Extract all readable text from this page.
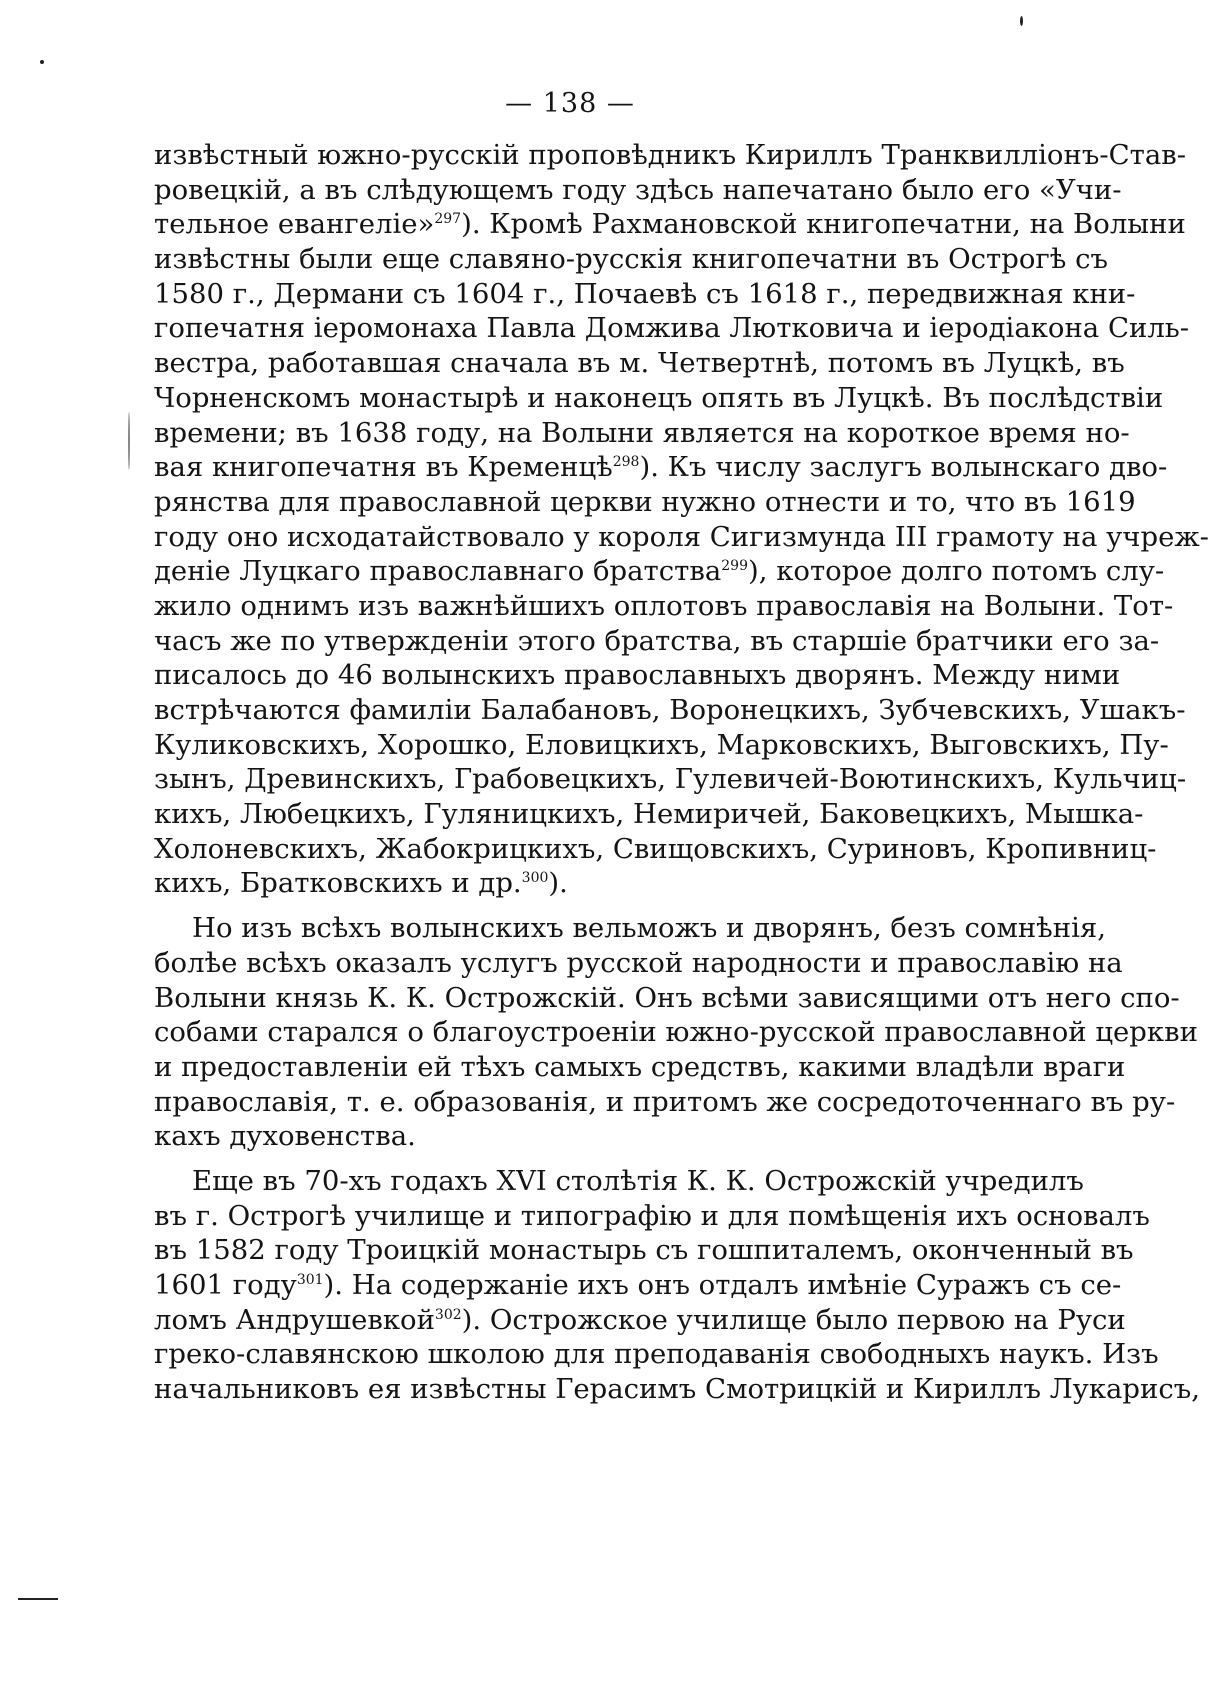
— 138 —
извѣстный южно-русскій проповѣдникъ Кириллъ Транквилліонъ-Став-
ровецкій, а въ слѣдующемъ году здѣсь напечатано было его «Учи-
тельное евангеліе»$^{297}$). Кромѣ Рахмановской книгопечатни, на Волыни
извѣстны были еще славяно-русскія книгопечатни въ Острогѣ съ
1580 г., Дермани съ 1604 г., Почаевѣ съ 1618 г., передвижная кни-
гопечатня іеромонаха Павла Домжива Лютковича и іеродіакона Силь-
вестра, работавшая сначала въ м. Четвертнѣ, потомъ въ Луцкѣ, въ
Чорненскомъ монастырѣ и наконецъ опять въ Луцкѣ. Въ послѣдствіи
времени; въ 1638 году, на Волыни является на короткое время но-
вая книгопечатня въ Кременцѣ$^{298}$). Къ числу заслугъ волынскаго дво-
рянства для православной церкви нужно отнести и то, что въ 1619
году оно исходатайствовало у короля Сигизмунда III грамоту на учреж-
деніе Луцкаго православнаго братства$^{299}$), которое долго потомъ слу-
жило однимъ изъ важнѣйшихъ оплотовъ православія на Волыни. Тот-
часъ же по утвержденіи этого братства, въ старшіе братчики его за-
писалось до 46 волынскихъ православныхъ дворянъ. Между ними
встрѣчаются фамиліи Балабановъ, Воронецкихъ, Зубчевскихъ, Ушакъ-
Куликовскихъ, Хорошко, Еловицкихъ, Марковскихъ, Выговскихъ, Пу-
зынъ, Древинскихъ, Грабовецкихъ, Гулевичей-Воютинскихъ, Кульчиц-
кихъ, Любецкихъ, Гуляницкихъ, Немиричей, Баковецкихъ, Мышка-
Холоневскихъ, Жабокрицкихъ, Свищовскихъ, Суриновъ, Кропивниц-
кихъ, Братковскихъ и др.$^{300}$).
Но изъ всѣхъ волынскихъ вельможъ и дворянъ, безъ сомнѣнія,
болѣе всѣхъ оказалъ услугъ русской народности и православію на
Волыни князь К. К. Острожскій. Онъ всѣми зависящими отъ него спо-
собами старался о благоустроеніи южно-русской православной церкви
и предоставленіи ей тѣхъ самыхъ средствъ, какими владѣли враги
православія, т. е. образованія, и притомъ же сосредоточеннаго въ ру-
кахъ духовенства.
Еще въ 70-хъ годахъ XVI столѣтія К. К. Острожскій учредилъ
въ г. Острогѣ училище и типографію и для помѣщенія ихъ основалъ
въ 1582 году Троицкій монастырь съ гошпиталемъ, оконченный въ
1601 году$^{301}$). На содержаніе ихъ онъ отдалъ имѣніе Суражъ съ се-
ломъ Андрушевкой$^{302}$). Острожское училище было первою на Руси
греко-славянскою школою для преподаванія свободныхъ наукъ. Изъ
начальниковъ ея извѣстны Герасимъ Смотрицкій и Кириллъ Лукарисъ,
